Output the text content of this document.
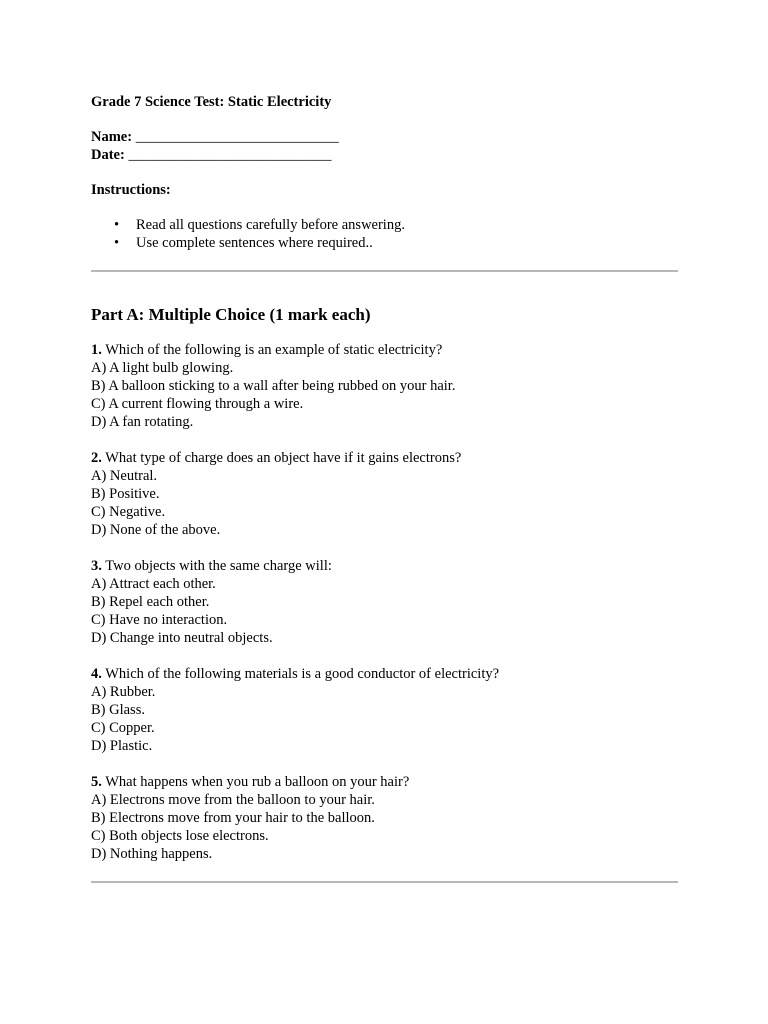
Grade 7 Science Test: Static Electricity

Name: ____________________________
Date: ____________________________
Instructions:
• Read all questions carefully before answering.
• Use complete sentences where required..

Part A: Multiple Choice (1 mark each)

1. Which of the following is an example of static electricity?
A) A light bulb glowing.
B) A balloon sticking to a wall after being rubbed on your hair.
C) A current flowing through a wire.
D) A fan rotating.
2. What type of charge does an object have if it gains electrons?
A) Neutral.
B) Positive.
C) Negative.
D) None of the above.
3. Two objects with the same charge will:
A) Attract each other.
B) Repel each other.
C) Have no interaction.
D) Change into neutral objects.
4. Which of the following materials is a good conductor of electricity?
A) Rubber.
B) Glass.
C) Copper.
D) Plastic.
5. What happens when you rub a balloon on your hair?
A) Electrons move from the balloon to your hair.
B) Electrons move from your hair to the balloon.
C) Both objects lose electrons.
D) Nothing happens.
